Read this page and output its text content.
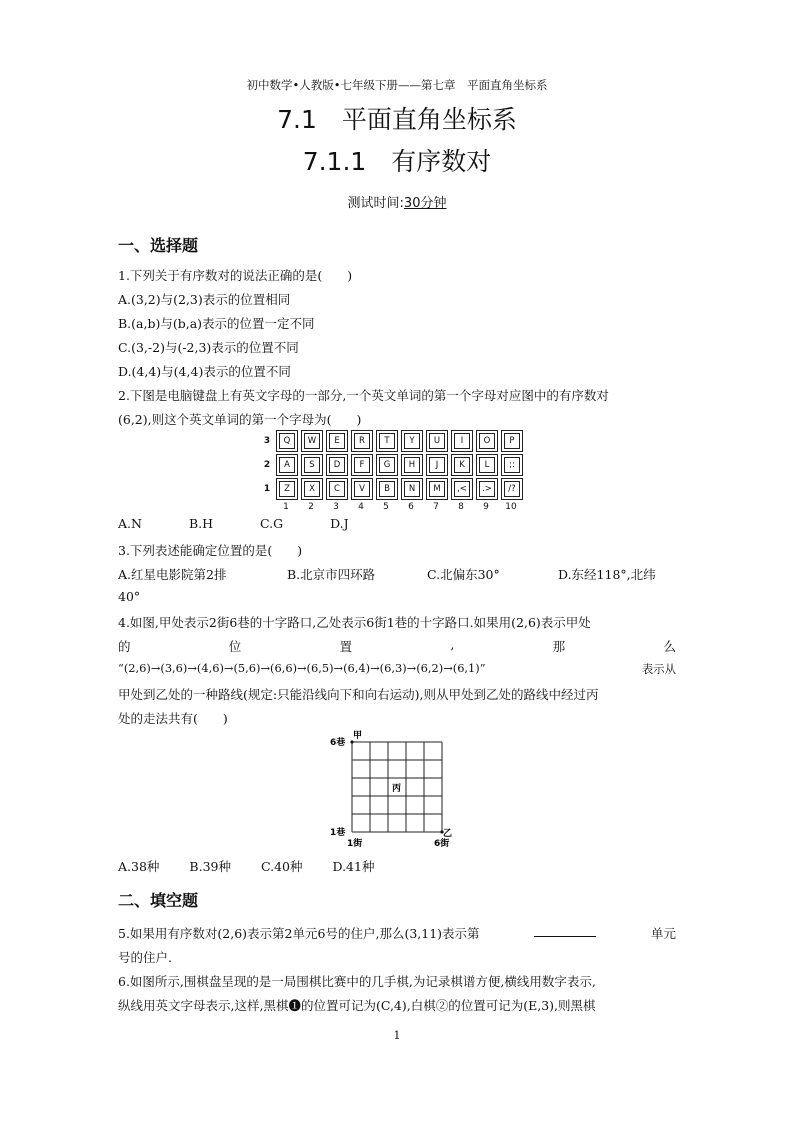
初中数学•人教版•七年级下册——第七章　平面直角坐标系
7.1　平面直角坐标系
7.1.1　有序数对
测试时间:30分钟
一、选择题
1.下列关于有序数对的说法正确的是(　　)
A.(3,2)与(2,3)表示的位置相同
B.(a,b)与(b,a)表示的位置一定不同
C.(3,-2)与(-2,3)表示的位置不同
D.(4,4)与(4,4)表示的位置不同
2.下图是电脑键盘上有英文字母的一部分,一个英文单词的第一个字母对应图中的有序数对
(6,2),则这个英文单词的第一个字母为(　　)
3	Q	W	E	R	T	Y	U	I	O	P
2	A	S	D	F	G	H	J	K	L	;:
1	Z	X	C	V	B	N	M	,<	.>	/?
1	2	3	4	5	6	7	8	9	10
A.N	B.H	C.G	D.J
3.下列表述能确定位置的是(　　)
A.红星电影院第2排	B.北京市四环路	C.北偏东30°	D.东经118°,北纬
40°
4.如图,甲处表示2街6巷的十字路口,乙处表示6街1巷的十字路口.如果用(2,6)表示甲处
的	位	置	,	那	么
“(2,6)→(3,6)→(4,6)→(5,6)→(6,6)→(6,5)→(6,4)→(6,3)→(6,2)→(6,1)”	表示从
甲处到乙处的一种路线(规定:只能沿线向下和向右运动),则从甲处到乙处的路线中经过丙
处的走法共有(　　)
6巷
1巷
1街	6街
甲
乙
丙
A.38种 B.39种 C.40种 D.41种
二、填空题
5.如果用有序数对(2,6)表示第2单元6号的住户,那么(3,11)表示第	单元
号的住户.
6.如图所示,围棋盘呈现的是一局围棋比赛中的几手棋,为记录棋谱方便,横线用数字表示,
纵线用英文字母表示,这样,黑棋❶的位置可记为(C,4),白棋②的位置可记为(E,3),则黑棋
1
